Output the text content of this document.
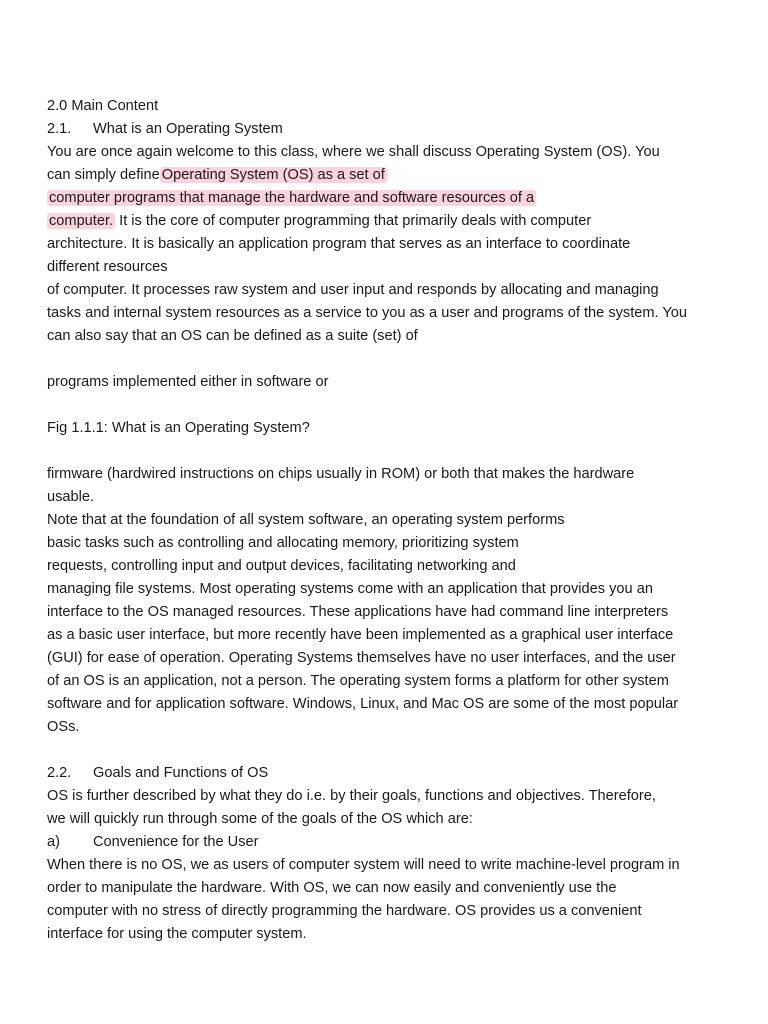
2.0 Main Content
2.1. What is an Operating System
You are once again welcome to this class, where we shall discuss Operating System (OS). You
can simply define Operating System (OS) as a set of
computer programs that manage the hardware and software resources of a
computer. It is the core of computer programming that primarily deals with computer
architecture. It is basically an application program that serves as an interface to coordinate
different resources
of computer. It processes raw system and user input and responds by allocating and managing
tasks and internal system resources as a service to you as a user and programs of the system. You
can also say that an OS can be defined as a suite (set) of
programs implemented either in software or
Fig 1.1.1: What is an Operating System?
firmware (hardwired instructions on chips usually in ROM) or both that makes the hardware
usable.
Note that at the foundation of all system software, an operating system performs
basic tasks such as controlling and allocating memory, prioritizing system
requests, controlling input and output devices, facilitating networking and
managing file systems. Most operating systems come with an application that provides you an
interface to the OS managed resources. These applications have had command line interpreters
as a basic user interface, but more recently have been implemented as a graphical user interface
(GUI) for ease of operation. Operating Systems themselves have no user interfaces, and the user
of an OS is an application, not a person. The operating system forms a platform for other system
software and for application software. Windows, Linux, and Mac OS are some of the most popular
OSs.
2.2. Goals and Functions of OS
OS is further described by what they do i.e. by their goals, functions and objectives. Therefore,
we will quickly run through some of the goals of the OS which are:
a) Convenience for the User
When there is no OS, we as users of computer system will need to write machine-level program in
order to manipulate the hardware. With OS, we can now easily and conveniently use the
computer with no stress of directly programming the hardware. OS provides us a convenient
interface for using the computer system.
